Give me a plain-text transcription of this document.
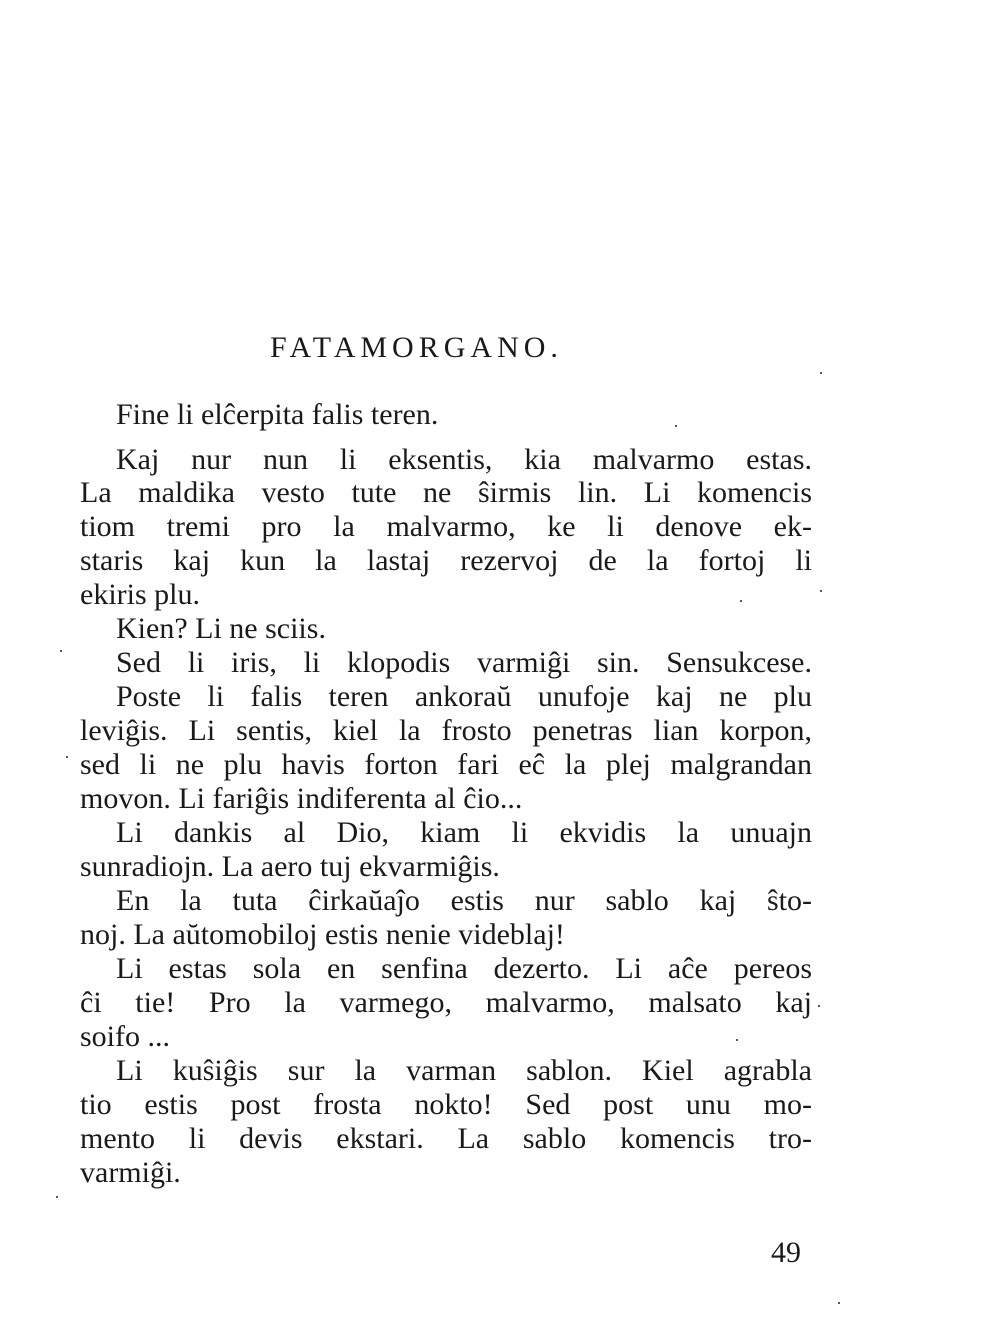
FATAMORGANO.
Fine li elĉerpita falis teren.
Kaj nur nun li eksentis, kia malvarmo estas.
La maldika vesto tute ne ŝirmis lin. Li komencis
tiom tremi pro la malvarmo, ke li denove ek-
staris kaj kun la lastaj rezervoj de la fortoj li
ekiris plu.
Kien? Li ne sciis.
Sed li iris, li klopodis varmiĝi sin. Sensukcese.
Poste li falis teren ankoraŭ unufoje kaj ne plu
leviĝis. Li sentis, kiel la frosto penetras lian korpon,
sed li ne plu havis forton fari eĉ la plej malgrandan
movon. Li fariĝis indiferenta al ĉio...
Li dankis al Dio, kiam li ekvidis la unuajn
sunradiojn. La aero tuj ekvarmiĝis.
En la tuta ĉirkaŭaĵo estis nur sablo kaj ŝto-
noj. La aŭtomobiloj estis nenie videblaj!
Li estas sola en senfina dezerto. Li aĉe pereos
ĉi tie! Pro la varmego, malvarmo, malsato kaj
soifo ...
Li kuŝiĝis sur la varman sablon. Kiel agrabla
tio estis post frosta nokto! Sed post unu mo-
mento li devis ekstari. La sablo komencis tro-
varmiĝi.
49
